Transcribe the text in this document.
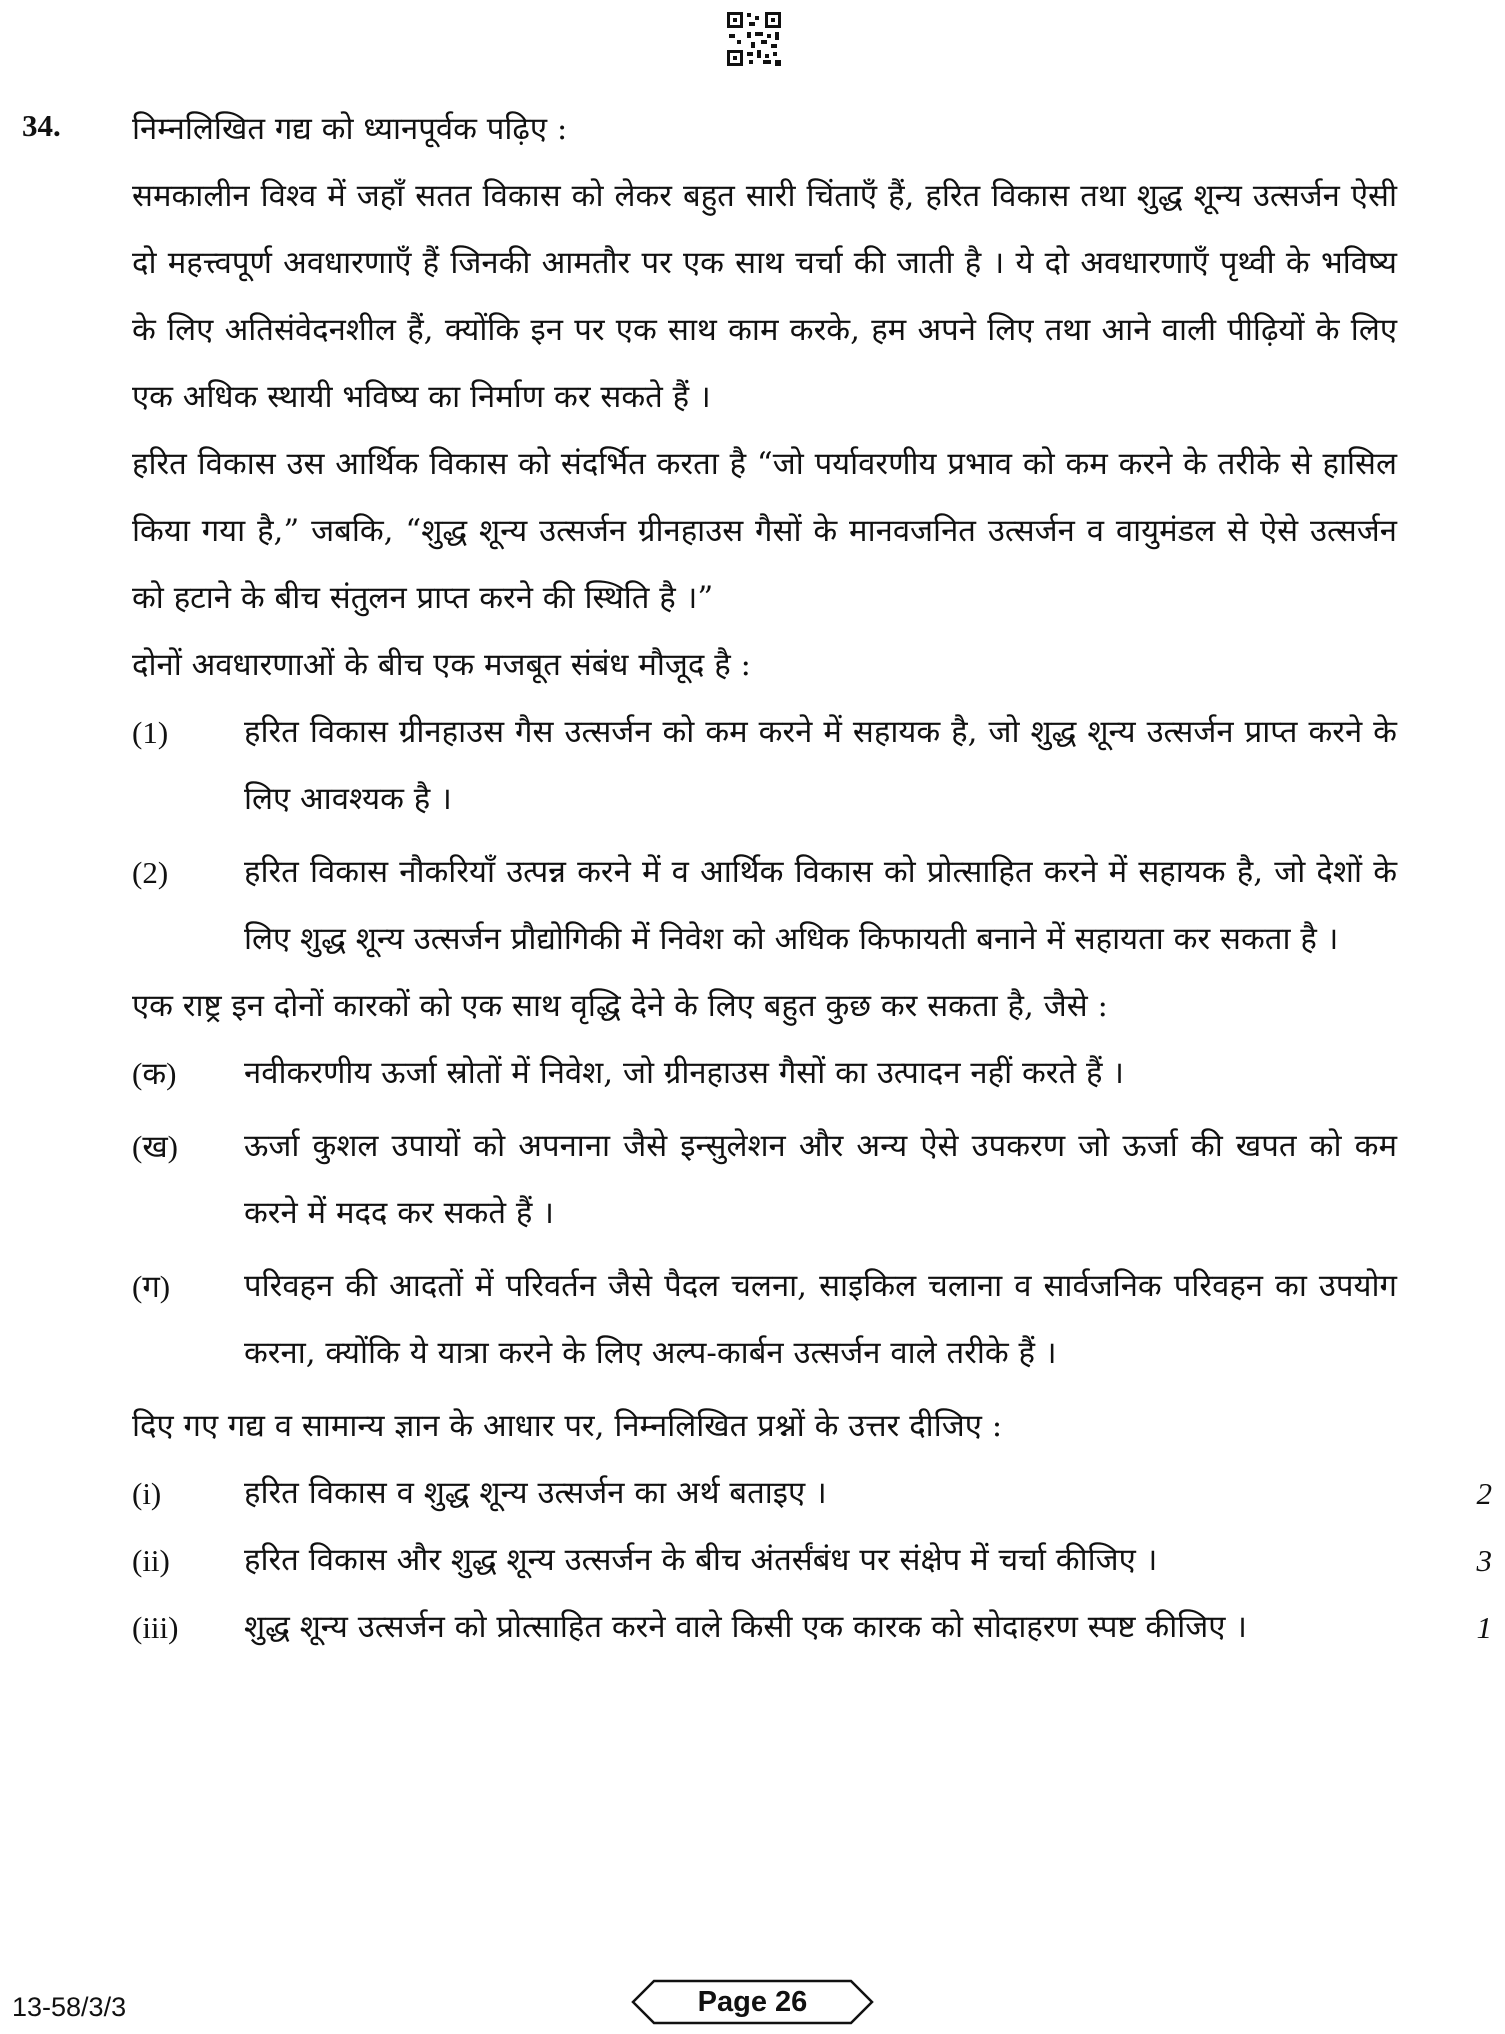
34. निम्नलिखित गद्य को ध्यानपूर्वक पढ़िए :

समकालीन विश्व में जहाँ सतत विकास को लेकर बहुत सारी चिंताएँ हैं, हरित विकास तथा शुद्ध शून्य उत्सर्जन ऐसी दो महत्त्वपूर्ण अवधारणाएँ हैं जिनकी आमतौर पर एक साथ चर्चा की जाती है । ये दो अवधारणाएँ पृथ्वी के भविष्य के लिए अतिसंवेदनशील हैं, क्योंकि इन पर एक साथ काम करके, हम अपने लिए तथा आने वाली पीढ़ियों के लिए एक अधिक स्थायी भविष्य का निर्माण कर सकते हैं ।

हरित विकास उस आर्थिक विकास को संदर्भित करता है “जो पर्यावरणीय प्रभाव को कम करने के तरीके से हासिल किया गया है,” जबकि, “शुद्ध शून्य उत्सर्जन ग्रीनहाउस गैसों के मानवजनित उत्सर्जन व वायुमंडल से ऐसे उत्सर्जन को हटाने के बीच संतुलन प्राप्त करने की स्थिति है ।”

दोनों अवधारणाओं के बीच एक मजबूत संबंध मौजूद है :

(1)	हरित विकास ग्रीनहाउस गैस उत्सर्जन को कम करने में सहायक है, जो शुद्ध शून्य उत्सर्जन प्राप्त करने के लिए आवश्यक है ।
(2)	हरित विकास नौकरियाँ उत्पन्न करने में व आर्थिक विकास को प्रोत्साहित करने में सहायक है, जो देशों के लिए शुद्ध शून्य उत्सर्जन प्रौद्योगिकी में निवेश को अधिक किफायती बनाने में सहायता कर सकता है ।

एक राष्ट्र इन दोनों कारकों को एक साथ वृद्धि देने के लिए बहुत कुछ कर सकता है, जैसे :

(क)	नवीकरणीय ऊर्जा स्रोतों में निवेश, जो ग्रीनहाउस गैसों का उत्पादन नहीं करते हैं ।
(ख)	ऊर्जा कुशल उपायों को अपनाना जैसे इन्सुलेशन और अन्य ऐसे उपकरण जो ऊर्जा की खपत को कम करने में मदद कर सकते हैं ।
(ग)	परिवहन की आदतों में परिवर्तन जैसे पैदल चलना, साइकिल चलाना व सार्वजनिक परिवहन का उपयोग करना, क्योंकि ये यात्रा करने के लिए अल्प-कार्बन उत्सर्जन वाले तरीके हैं ।

दिए गए गद्य व सामान्य ज्ञान के आधार पर, निम्नलिखित प्रश्नों के उत्तर दीजिए :

(i)	हरित विकास व शुद्ध शून्य उत्सर्जन का अर्थ बताइए ।	2
(ii)	हरित विकास और शुद्ध शून्य उत्सर्जन के बीच अंतर्संबंध पर संक्षेप में चर्चा कीजिए ।	3
(iii)	शुद्ध शून्य उत्सर्जन को प्रोत्साहित करने वाले किसी एक कारक को सोदाहरण स्पष्ट कीजिए ।	1
13-58/3/3	Page 26
